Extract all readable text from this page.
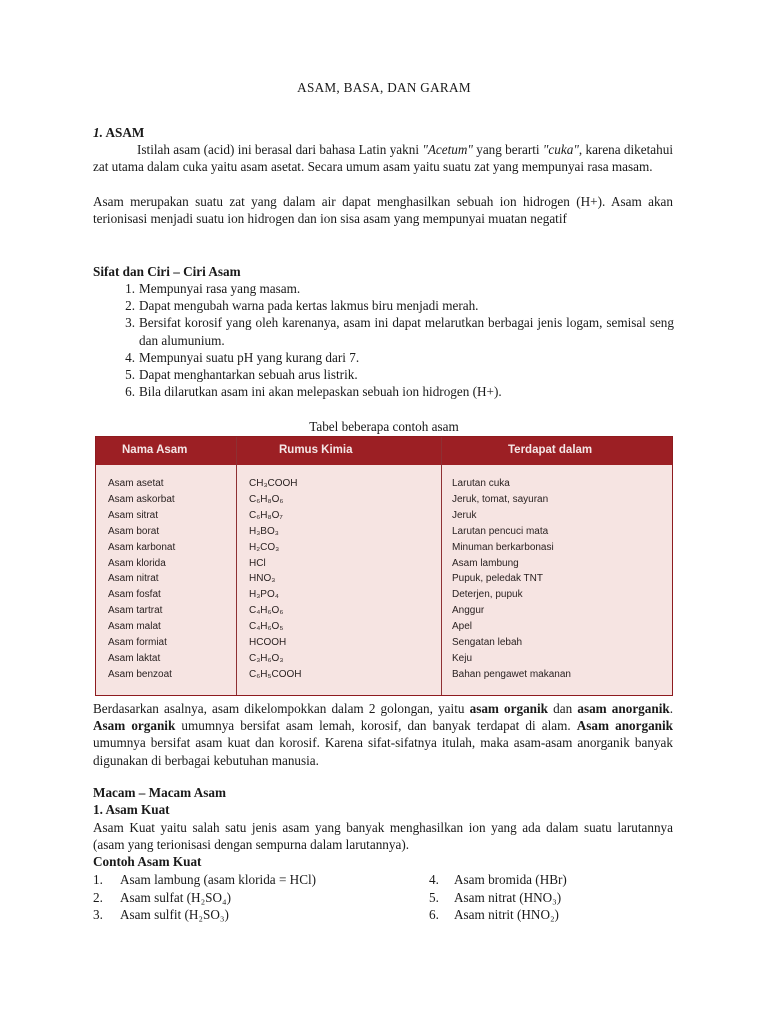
ASAM, BASA, DAN GARAM
1. ASAM
Istilah asam (acid) ini berasal dari bahasa Latin yakni "Acetum" yang berarti "cuka", karena diketahui zat utama dalam cuka yaitu asam asetat. Secara umum asam yaitu suatu zat yang mempunyai rasa masam.
Asam merupakan suatu zat yang dalam air dapat menghasilkan sebuah ion hidrogen (H+). Asam akan terionisasi menjadi suatu ion hidrogen dan ion sisa asam yang mempunyai muatan negatif
Sifat dan Ciri – Ciri Asam
1. Mempunyai rasa yang masam.
2. Dapat mengubah warna pada kertas lakmus biru menjadi merah.
3. Bersifat korosif yang oleh karenanya, asam ini dapat melarutkan berbagai jenis logam, semisal seng dan alumunium.
4. Mempunyai suatu pH yang kurang dari 7.
5. Dapat menghantarkan sebuah arus listrik.
6. Bila dilarutkan asam ini akan melepaskan sebuah ion hidrogen (H+).
Tabel beberapa contoh asam
Nama Asam	Rumus Kimia	Terdapat dalam
Asam asetat	CH₃COOH	Larutan cuka
Asam askorbat	C₆H₈O₆	Jeruk, tomat, sayuran
Asam sitrat	C₆H₈O₇	Jeruk
Asam borat	H₃BO₃	Larutan pencuci mata
Asam karbonat	H₂CO₃	Minuman berkarbonasi
Asam klorida	HCl	Asam lambung
Asam nitrat	HNO₃	Pupuk, peledak TNT
Asam fosfat	H₃PO₄	Deterjen, pupuk
Asam tartrat	C₄H₆O₆	Anggur
Asam malat	C₄H₆O₅	Apel
Asam formiat	HCOOH	Sengatan lebah
Asam laktat	C₃H₆O₃	Keju
Asam benzoat	C₆H₅COOH	Bahan pengawet makanan
Berdasarkan asalnya, asam dikelompokkan dalam 2 golongan, yaitu asam organik dan asam anorganik. Asam organik umumnya bersifat asam lemah, korosif, dan banyak terdapat di alam. Asam anorganik umumnya bersifat asam kuat dan korosif. Karena sifat-sifatnya itulah, maka asam-asam anorganik banyak digunakan di berbagai kebutuhan manusia.
Macam – Macam Asam
1. Asam Kuat
Asam Kuat yaitu salah satu jenis asam yang banyak menghasilkan ion yang ada dalam suatu larutannya (asam yang terionisasi dengan sempurna dalam larutannya).
Contoh Asam Kuat
1. Asam lambung (asam klorida = HCl)	4. Asam bromida (HBr)
2. Asam sulfat (H₂SO₄)	5. Asam nitrat (HNO₃)
3. Asam sulfit (H₂SO₃)	6. Asam nitrit (HNO₂)
